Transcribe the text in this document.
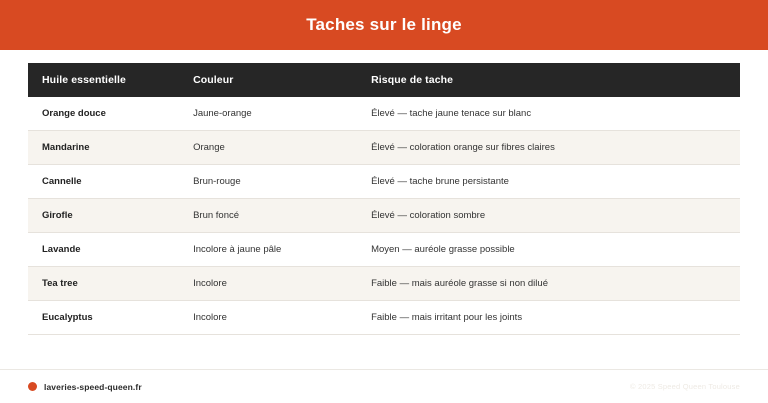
Taches sur le linge
Huile essentielle	Couleur	Risque de tache
Orange douce	Jaune-orange	Élevé — tache jaune tenace sur blanc
Mandarine	Orange	Élevé — coloration orange sur fibres claires
Cannelle	Brun-rouge	Élevé — tache brune persistante
Girofle	Brun foncé	Élevé — coloration sombre
Lavande	Incolore à jaune pâle	Moyen — auréole grasse possible
Tea tree	Incolore	Faible — mais auréole grasse si non dilué
Eucalyptus	Incolore	Faible — mais irritant pour les joints
laveries-speed-queen.fr	© 2025 Speed Queen Toulouse
